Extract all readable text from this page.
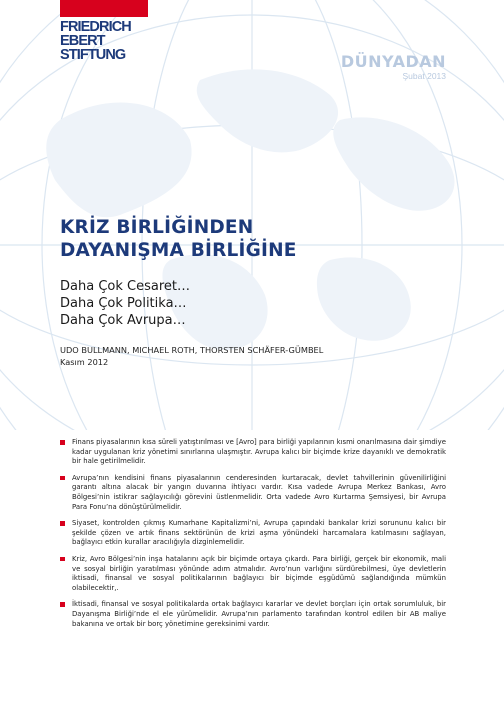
FRIEDRICH
EBERT
STIFTUNG	DÜNYADAN
Şubat 2013
KRİZ BİRLİĞİNDEN
DAYANIŞMA BİRLİĞİNE
Daha Çok Cesaret…
Daha Çok Politika…
Daha Çok Avrupa…
UDO BULLMANN, MICHAEL ROTH, THORSTEN SCHÄFER-GÜMBEL
Kasım 2012
Finans piyasalarının kısa süreli yatıştırılması ve [Avro] para birliği yapılarının kısmi onarılmasına dair şimdiye kadar uygulanan kriz yönetimi sınırlarına ulaşmıştır. Avrupa kalıcı bir biçimde krize dayanıklı ve demokratik bir hale getirilmelidir.
Avrupa’nın kendisini finans piyasalarının cenderesinden kurtaracak, devlet tahvillerinin güvenilirliğini garantı altına alacak bir yangın duvarına ihtiyacı vardır. Kısa vadede Avrupa Merkez Bankası, Avro Bölgesi’nin istikrar sağlayıcılığı görevini üstlenmelidir. Orta vadede Avro Kurtarma Şemsiyesi, bir Avrupa Para Fonu’na dönüştürülmelidir.
Siyaset, kontrolden çıkmış Kumarhane Kapitalizmi’ni, Avrupa çapındaki bankalar krizi sorununu kalıcı bir şekilde çözen ve artık finans sektörünün de krizi aşma yönündeki harcamalara katılmasını sağlayan, bağlayıcı etkin kurallar aracılığıyla dizginlemelidir.
Kriz, Avro Bölgesi’nin inşa hatalarını açık bir biçimde ortaya çıkardı. Para birliği, gerçek bir ekonomik, mali ve sosyal birliğin yaratılması yönünde adım atmalıdır. Avro’nun varlığını sürdürebilmesi, üye devletlerin iktisadi, finansal ve sosyal politikalarının bağlayıcı bir biçimde eşgüdümü sağlandığında mümkün olabilecektir,.
İktisadi, finansal ve sosyal politikalarda ortak bağlayıcı kararlar ve devlet borçları için ortak sorumluluk, bir Dayanışma Birliği’nde el ele yürümelidir. Avrupa’nın parlamento tarafından kontrol edilen bir AB maliye bakanına ve ortak bir borç yönetimine gereksinimi vardır.
